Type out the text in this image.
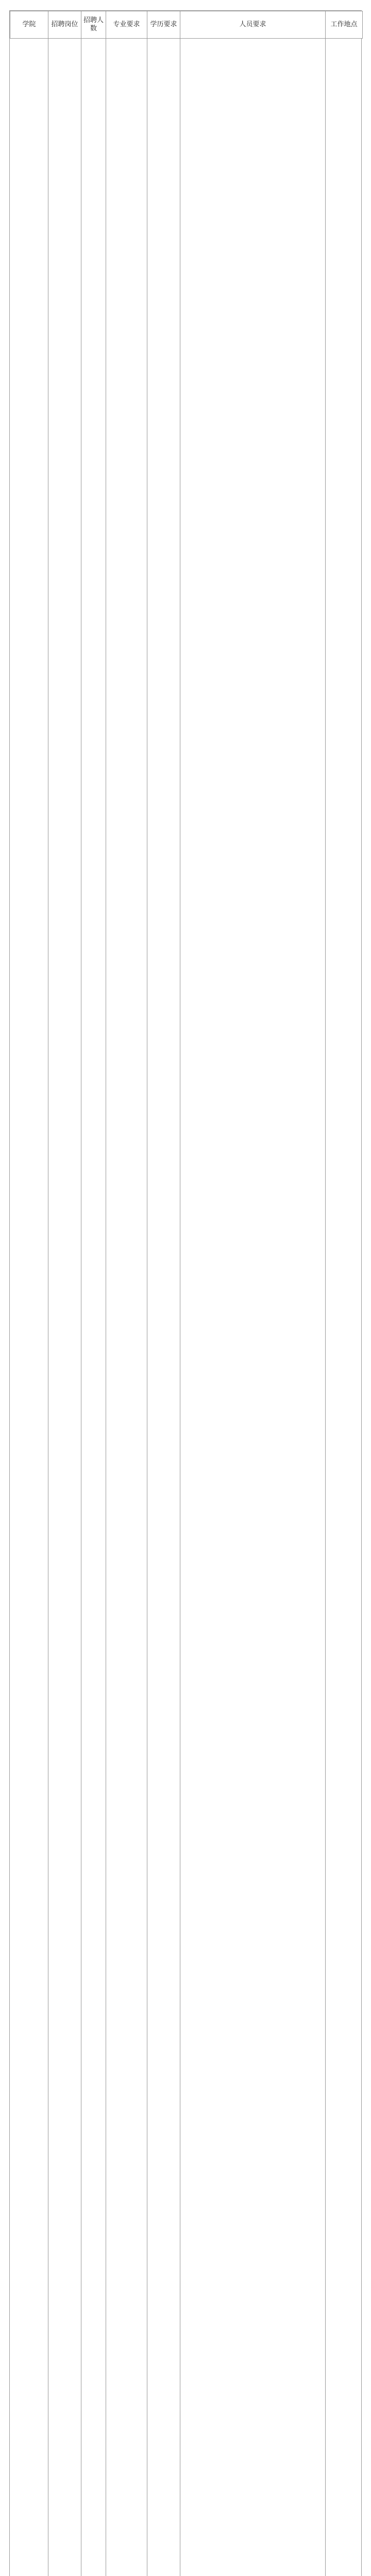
学院	招聘岗位	招聘人数	专业要求	学历要求	人员要求	工作地点
